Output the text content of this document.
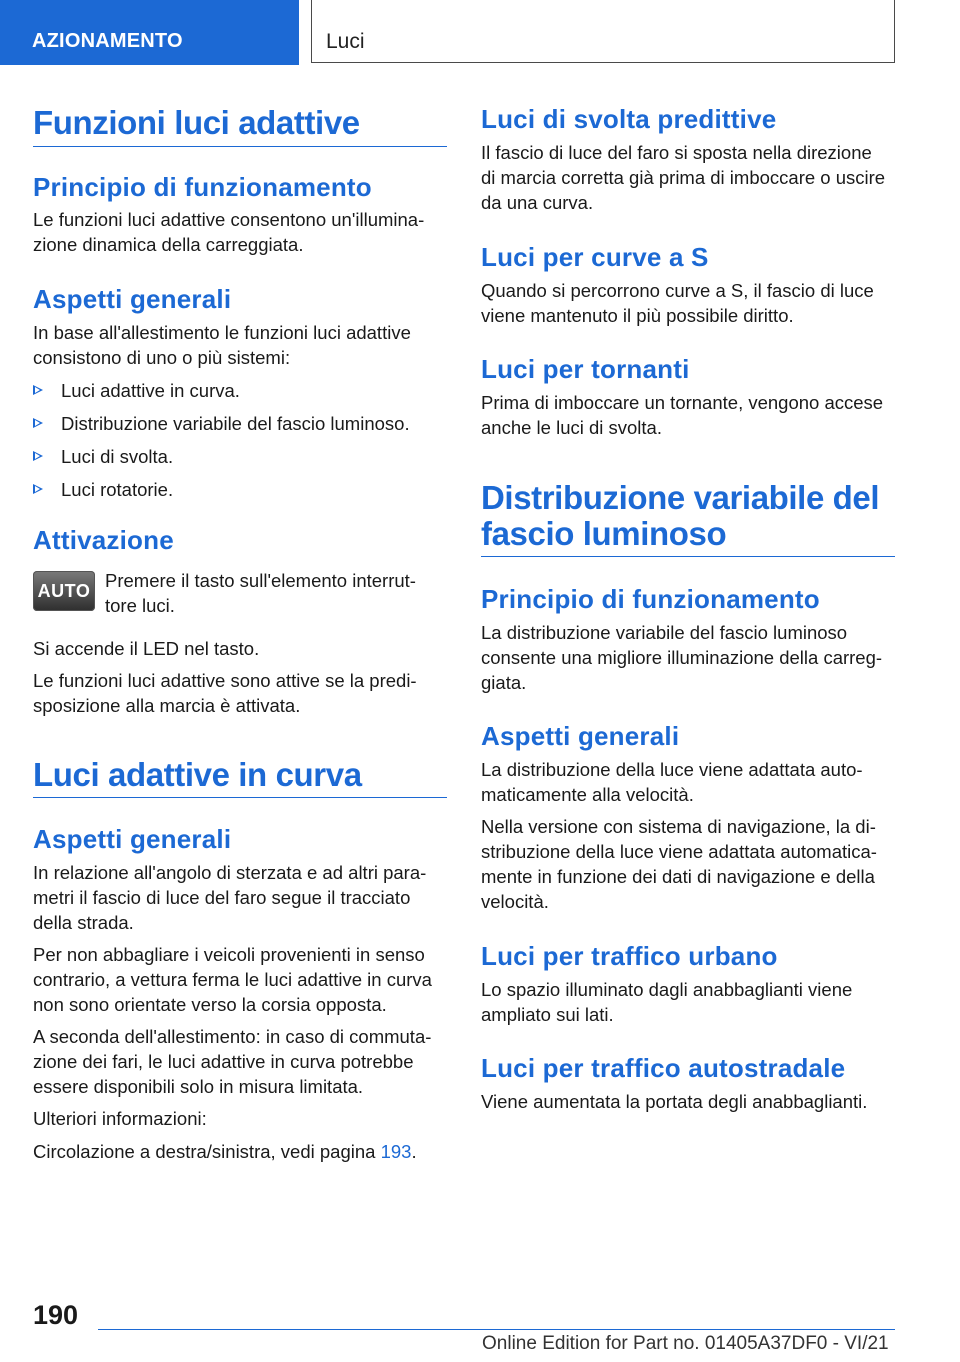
AZIONAMENTO	Luci
Funzioni luci adattive
Principio di funzionamento

Le funzioni luci adattive consentono un'illumina-

zione dinamica della carreggiata.

Aspetti generali

In base all'allestimento le funzioni luci adattive

consistono di uno o più sistemi:

Luci adattive in curva.
Distribuzione variabile del fascio luminoso.
Luci di svolta.
Luci rotatorie.
Attivazione
AUTO Premere il tasto sull'elemento interrut-

tore luci.

Si accende il LED nel tasto.

Le funzioni luci adattive sono attive se la predi-

sposizione alla marcia è attivata.

Luci adattive in curva
Aspetti generali

In relazione all'angolo di sterzata e ad altri para-

metri il fascio di luce del faro segue il tracciato

della strada.

Per non abbagliare i veicoli provenienti in senso

contrario, a vettura ferma le luci adattive in curva

non sono orientate verso la corsia opposta.

A seconda dell'allestimento: in caso di commuta-

zione dei fari, le luci adattive in curva potrebbe

essere disponibili solo in misura limitata.

Ulteriori informazioni:

Circolazione a destra/sinistra, vedi pagina 193.

Luci di svolta predittive

Il fascio di luce del faro si sposta nella direzione

di marcia corretta già prima di imboccare o uscire

da una curva.

Luci per curve a S

Quando si percorrono curve a S, il fascio di luce

viene mantenuto il più possibile diritto.

Luci per tornanti

Prima di imboccare un tornante, vengono accese

anche le luci di svolta.

Distribuzione variabile del
fascio luminoso
Principio di funzionamento

La distribuzione variabile del fascio luminoso

consente una migliore illuminazione della carreg-

giata.

Aspetti generali

La distribuzione della luce viene adattata auto-

maticamente alla velocità.

Nella versione con sistema di navigazione, la di-

stribuzione della luce viene adattata automatica-

mente in funzione dei dati di navigazione e della

velocità.

Luci per traffico urbano

Lo spazio illuminato dagli anabbaglianti viene

ampliato sui lati.

Luci per traffico autostradale

Viene aumentata la portata degli anabbaglianti.

190
Online Edition for Part no. 01405A37DF0 - VI/21
